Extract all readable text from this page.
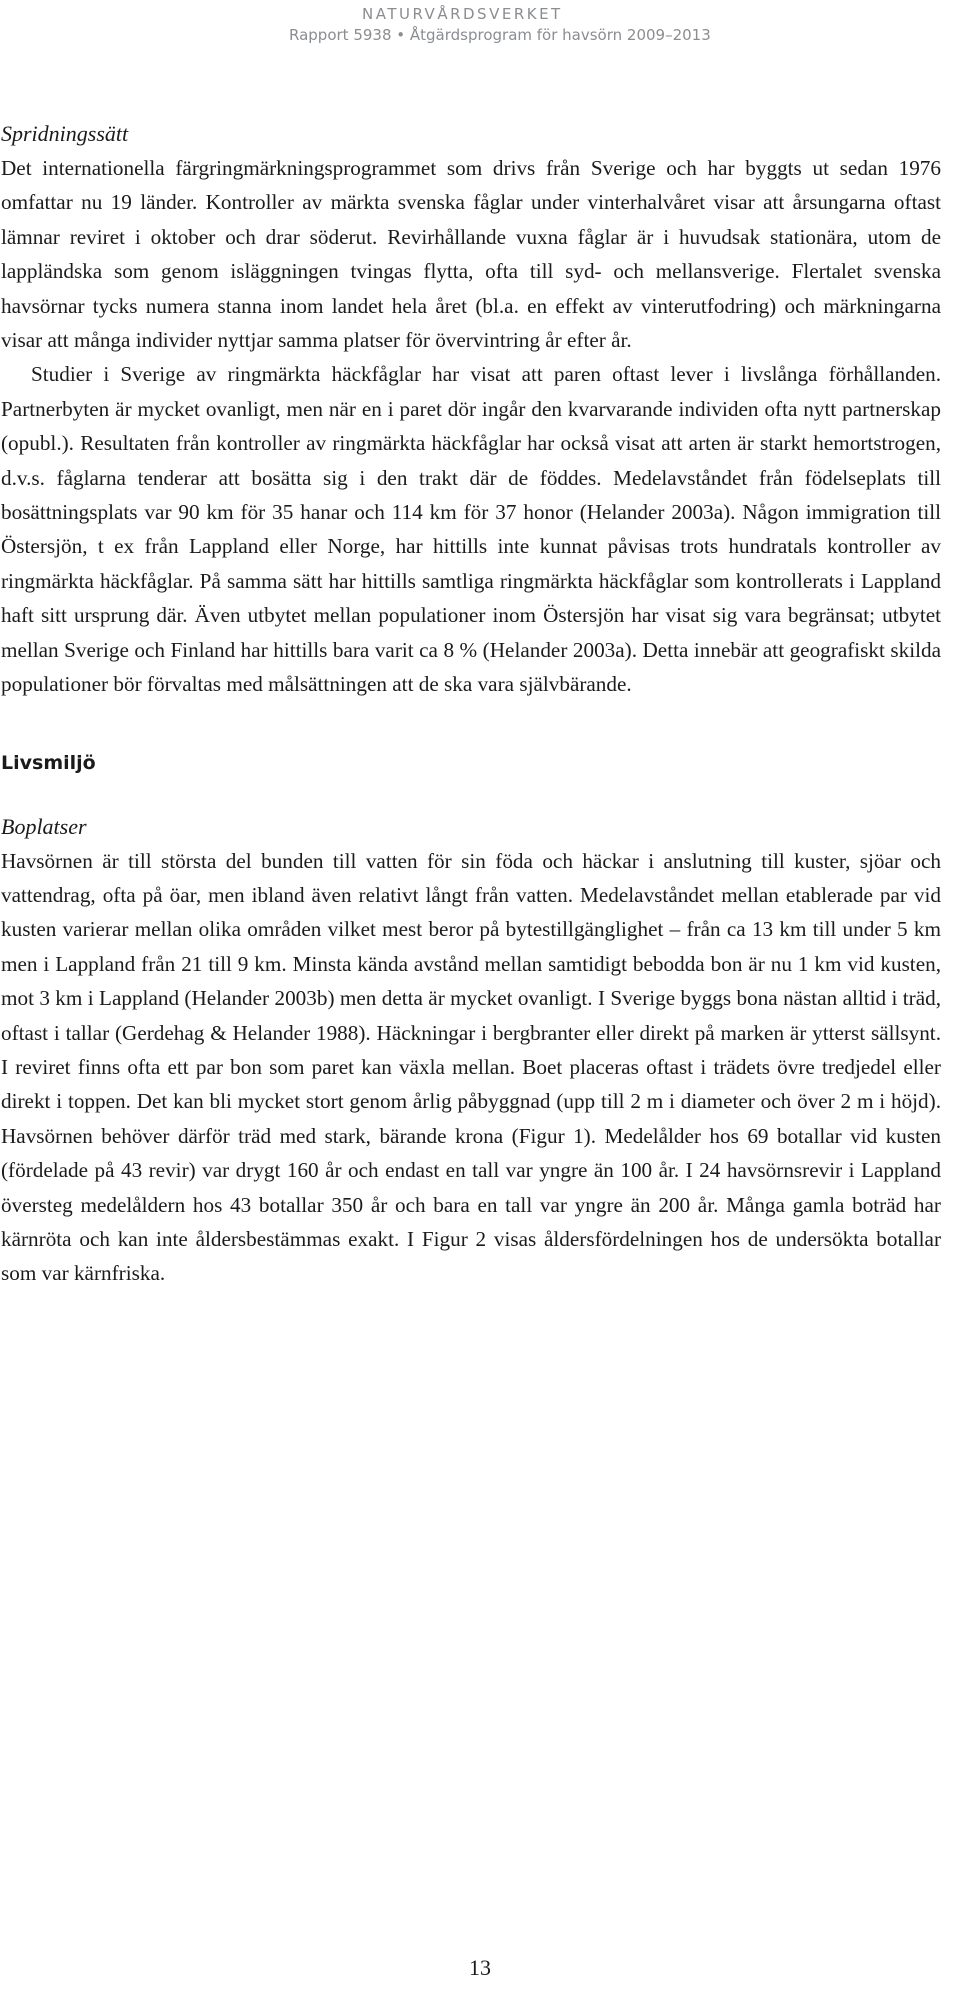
NATURVÅRDSVERKET
Rapport 5938 • Åtgärdsprogram för havsörn 2009–2013
Spridningssätt

Det internationella färgringmärkningsprogrammet som drivs från Sverige och har byggts ut sedan 1976 omfattar nu 19 länder. Kontroller av märkta svenska fåglar under vinterhalvåret visar att årsungarna oftast lämnar reviret i oktober och drar söderut. Revirhållande vuxna fåglar är i huvudsak stationära, utom de lappländska som genom isläggningen tvingas flytta, ofta till syd- och mellansverige. Flertalet svenska havsörnar tycks numera stanna inom landet hela året (bl.a. en effekt av vinterutfodring) och märkningarna visar att många individer nyttjar samma platser för övervintring år efter år.

Studier i Sverige av ringmärkta häckfåglar har visat att paren oftast lever i livslånga förhållanden. Partnerbyten är mycket ovanligt, men när en i paret dör ingår den kvarvarande individen ofta nytt partnerskap (opubl.). Resultaten från kontroller av ringmärkta häckfåglar har också visat att arten är starkt hemortstrogen, d.v.s. fåglarna tenderar att bosätta sig i den trakt där de föddes. Medelavståndet från födelseplats till bosättningsplats var 90 km för 35 hanar och 114 km för 37 honor (Helander 2003a). Någon immigration till Östersjön, t ex från Lappland eller Norge, har hittills inte kunnat påvisas trots hundratals kontroller av ringmärkta häckfåglar. På samma sätt har hittills samtliga ringmärkta häckfåglar som kontrollerats i Lappland haft sitt ursprung där. Även utbytet mellan populationer inom Östersjön har visat sig vara begränsat; utbytet mellan Sverige och Finland har hittills bara varit ca 8 % (Helander 2003a). Detta innebär att geografiskt skilda populationer bör förvaltas med målsättningen att de ska vara självbärande.

Livsmiljö
Boplatser

Havsörnen är till största del bunden till vatten för sin föda och häckar i anslutning till kuster, sjöar och vattendrag, ofta på öar, men ibland även relativt långt från vatten. Medelavståndet mellan etablerade par vid kusten varierar mellan olika områden vilket mest beror på bytestillgänglighet – från ca 13 km till under 5 km men i Lappland från 21 till 9 km. Minsta kända avstånd mellan samtidigt bebodda bon är nu 1 km vid kusten, mot 3 km i Lappland (Helander 2003b) men detta är mycket ovanligt. I Sverige byggs bona nästan alltid i träd, oftast i tallar (Gerdehag & Helander 1988). Häckningar i bergbranter eller direkt på marken är ytterst sällsynt. I reviret finns ofta ett par bon som paret kan växla mellan. Boet placeras oftast i trädets övre tredjedel eller direkt i toppen. Det kan bli mycket stort genom årlig påbyggnad (upp till 2 m i diameter och över 2 m i höjd). Havsörnen behöver därför träd med stark, bärande krona (Figur 1). Medelålder hos 69 botallar vid kusten (fördelade på 43 revir) var drygt 160 år och endast en tall var yngre än 100 år. I 24 havsörnsrevir i Lappland översteg medelåldern hos 43 botallar 350 år och bara en tall var yngre än 200 år. Många gamla boträd har kärnröta och kan inte åldersbestämmas exakt. I Figur 2 visas åldersfördelningen hos de undersökta botallar som var kärnfriska.

13
